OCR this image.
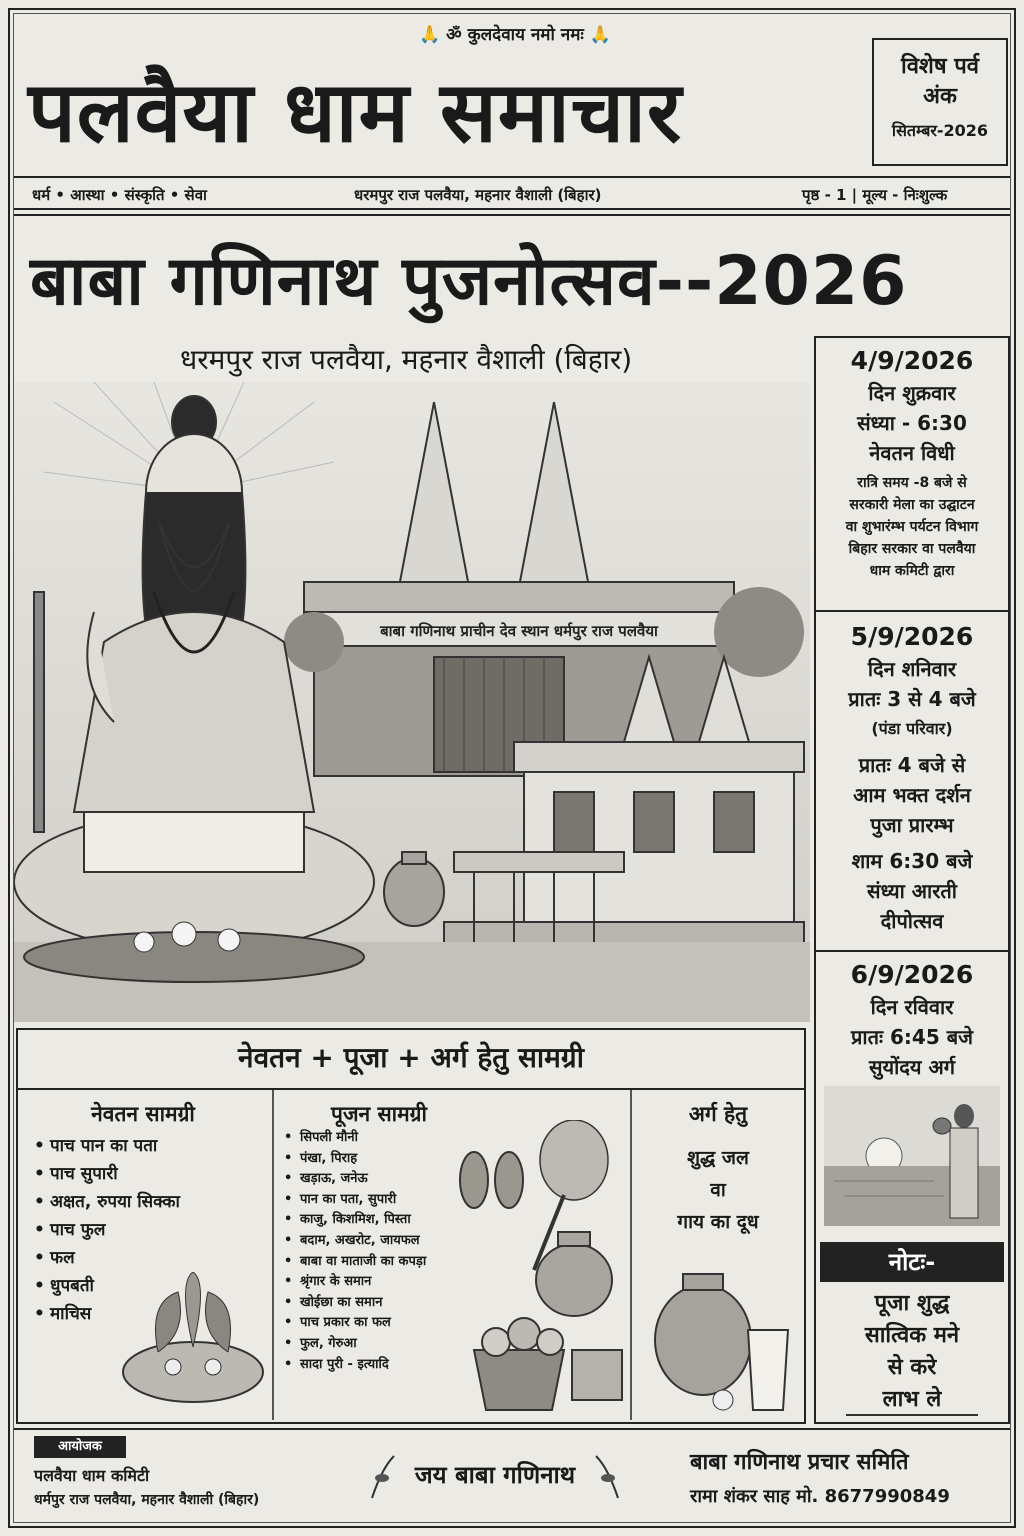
🙏 ॐ कुलदेवाय नमो नमः 🙏
पलवैया धाम समाचार	विशेष पर्व
अंक
सितम्बर-2026
धर्म • आस्था • संस्कृति • सेवा	धरमपुर राज पलवैया, महनार वैशाली (बिहार)	पृष्ठ - 1 | मूल्य - निःशुल्क
बाबा गणिनाथ पुजनोत्सव--2026
धरमपुर राज पलवैया, महनार वैशाली (बिहार)
बाबा गणिनाथ प्राचीन देव स्थान धर्मपुर राज पलवैया
4/9/2026
दिन शुक्रवार
संध्या - 6:30
नेवतन विधी
रात्रि समय -8 बजे से
सरकारी मेला का उद्घाटन
वा शुभारंम्भ पर्यटन विभाग
बिहार सरकार वा पलवैया
धाम कमिटी द्वारा
5/9/2026
दिन शनिवार
प्रातः 3 से 4 बजे
(पंडा परिवार)
प्रातः 4 बजे से
आम भक्त दर्शन
पुजा प्रारम्भ
शाम 6:30 बजे
संध्या आरती
दीपोत्सव
6/9/2026
दिन रविवार
प्रातः 6:45 बजे
सुयोंदय अर्ग
नोटः-
पूजा शुद्ध
सात्विक मने
से करे
लाभ ले
नेवतन + पूजा + अर्ग हेतु सामग्री
नेवतन सामग्री
• पाच पान का पता
• पाच सुपारी
• अक्षत, रुपया सिक्का
• पाच फुल
• फल
• धुपबती
• माचिस
पूजन सामग्री
• सिपली मौनी
• पंखा, पिराह
• खड़ाऊ, जनेऊ
• पान का पता, सुपारी
• काजु, किशमिश, पिस्ता
• बदाम, अखरोट, जायफल
• बाबा वा माताजी का कपड़ा
• श्रृंगार के समान
• खोईछा का समान
• पाच प्रकार का फल
• फुल, गेरुआ
• सादा पुरी - इत्यादि
अर्ग हेतु
शुद्ध जल
वा
गाय का दूध
आयोजक
पलवैया धाम कमिटी
धर्मपुर राज पलवैया, महनार वैशाली (बिहार)
जय बाबा गणिनाथ	बाबा गणिनाथ प्रचार समिति
रामा शंकर साह मो. 8677990849
